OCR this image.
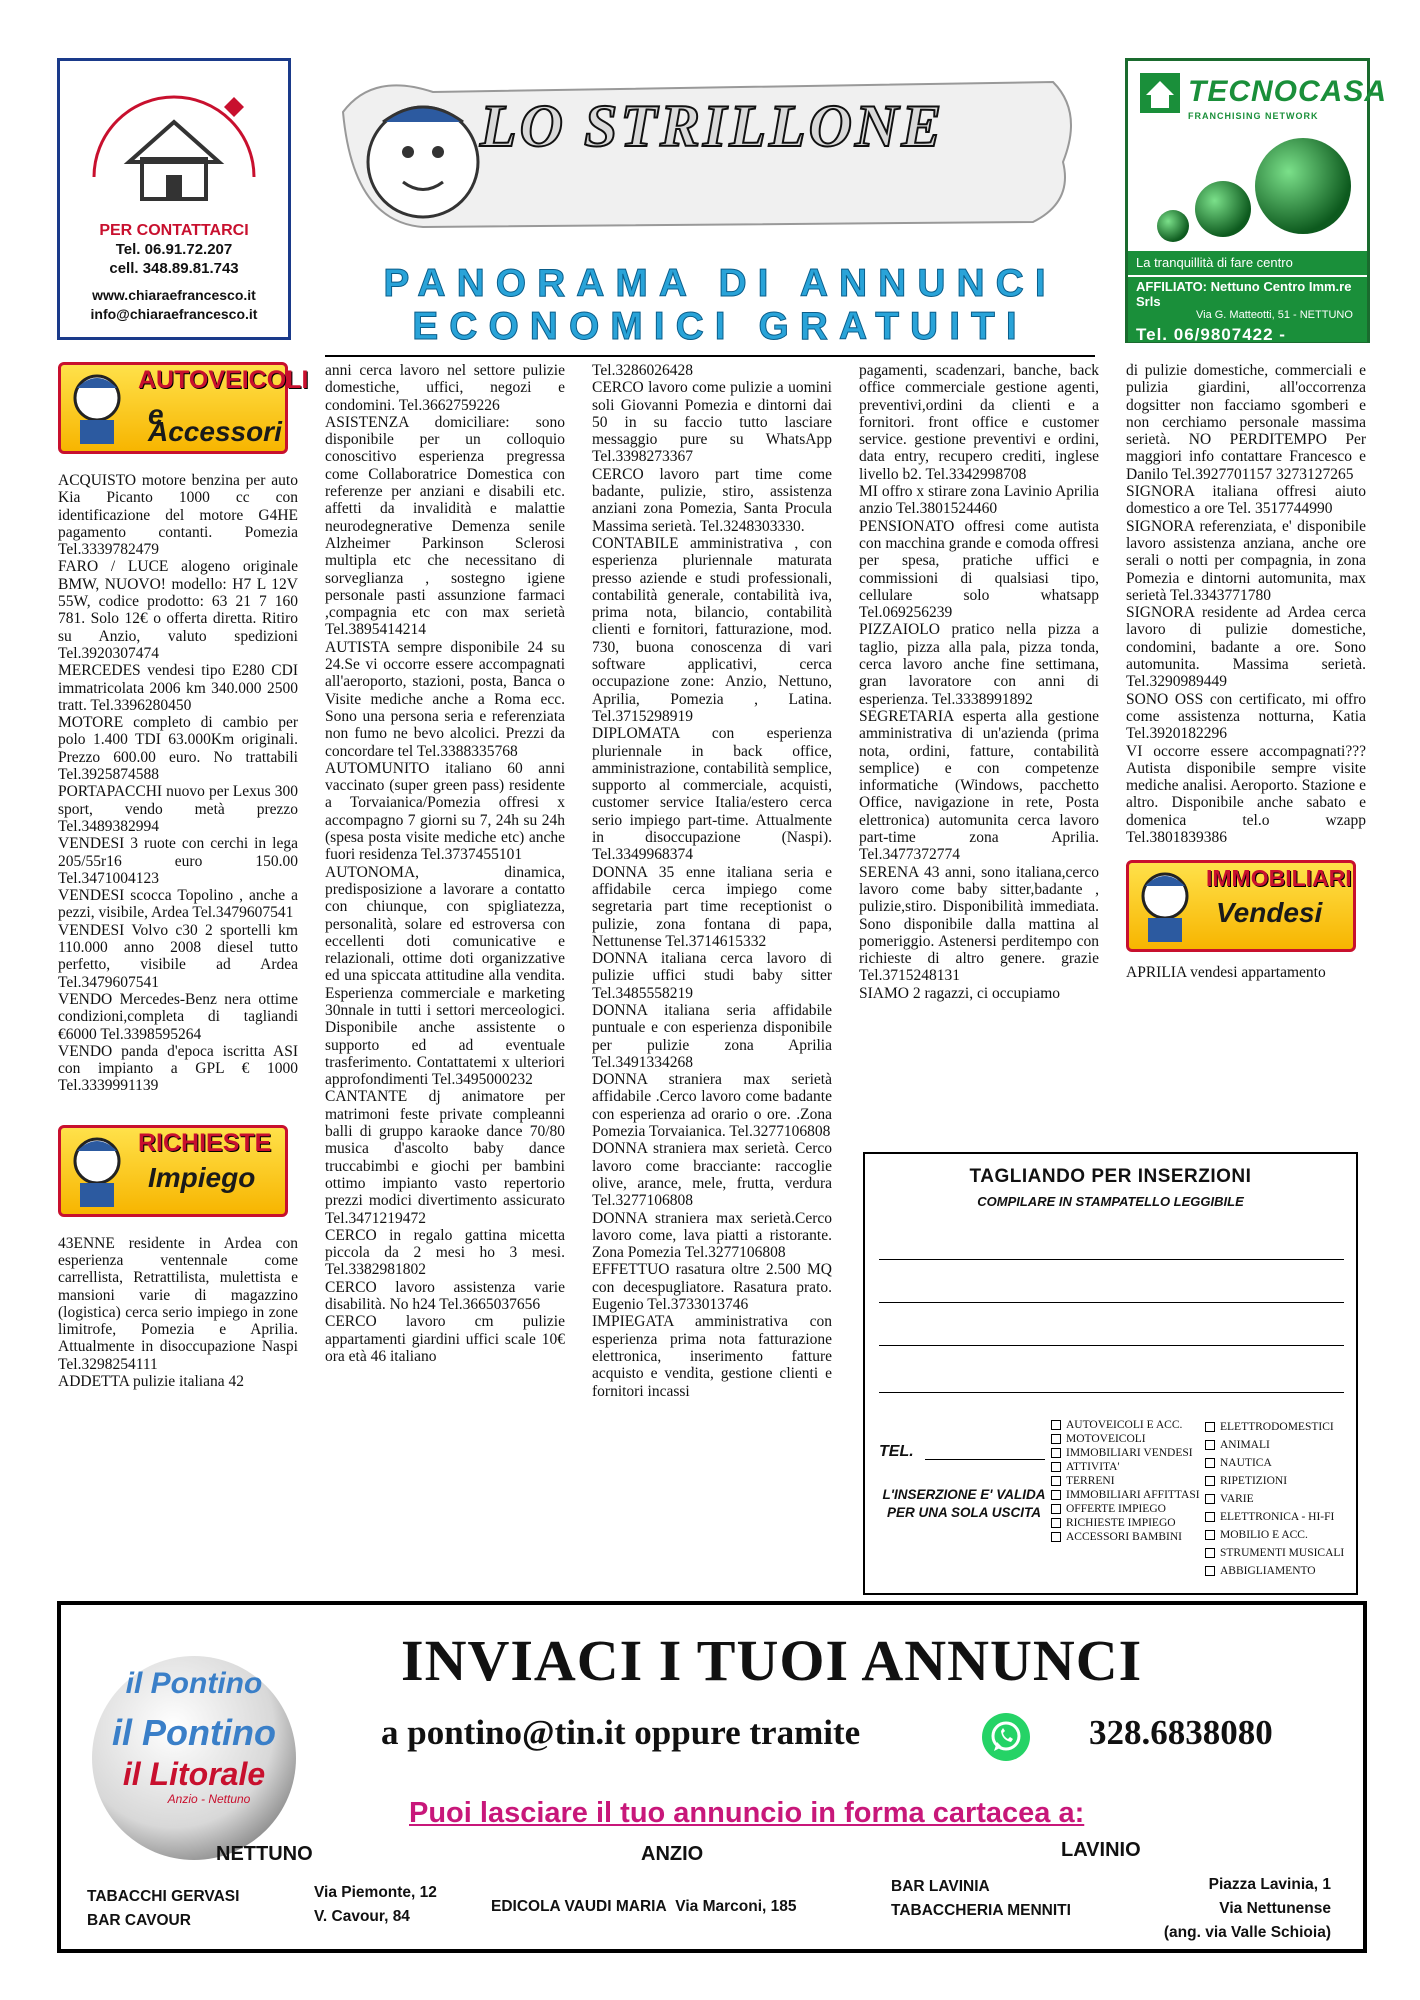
PER CONTATTARCI
Tel. 06.91.72.207
cell. 348.89.81.743
www.chiaraefrancesco.it
info@chiaraefrancesco.it
LO STRILLONE
PANORAMA DI ANNUNCI
ECONOMICI GRATUITI
TECNOCASA
FRANCHISING NETWORK
La tranquillità di fare centro
AFFILIATO: Nettuno Centro Imm.re Srls
Via G. Matteotti, 51 - NETTUNO
Tel. 06/9807422 - 06/9808026
AUTOVEICOLI
e Accessori

ACQUISTO motore benzina per auto Kia Picanto 1000 cc con identificazione del motore G4HE pagamento contanti. Pomezia Tel.3339782479

FARO / LUCE alogeno originale BMW, NUOVO! modello: H7 L 12V 55W, codice prodotto: 63 21 7 160 781. Solo 12€ o offerta diretta. Ritiro su Anzio, valuto spedizioni Tel.3920307474

MERCEDES vendesi tipo E280 CDI immatricolata 2006 km 340.000 2500 tratt. Tel.3396280450

MOTORE completo di cambio per polo 1.400 TDI 63.000Km originali. Prezzo 600.00 euro. No trattabili Tel.3925874588

PORTAPACCHI nuovo per Lexus 300 sport, vendo metà prezzo Tel.3489382994

VENDESI 3 ruote con cerchi in lega 205/55r16 euro 150.00 Tel.3471004123

VENDESI scocca Topolino , anche a pezzi, visibile, Ardea Tel.3479607541

VENDESI Volvo c30 2 sportelli km 110.000 anno 2008 diesel tutto perfetto, visibile ad Ardea Tel.3479607541

VENDO Mercedes-Benz nera ottime condizioni,completa di tagliandi €6000 Tel.3398595264

VENDO panda d'epoca iscritta ASI con impianto a GPL € 1000 Tel.3339991139

RICHIESTE
Impiego

43ENNE residente in Ardea con esperienza ventennale come carrellista, Retrattilista, mulettista e mansioni varie di magazzino (logistica) cerca serio impiego in zone limitrofe, Pomezia e Aprilia. Attualmente in disoccupazione Naspi Tel.3298254111

ADDETTA pulizie italiana 42

anni cerca lavoro nel settore pulizie domestiche, uffici, negozi e condomini. Tel.3662759226

ASISTENZA domiciliare: sono disponibile per un colloquio conoscitivo esperienza pregressa come Collaboratrice Domestica con referenze per anziani e disabili etc. affetti da invalidità e malattie neurodegnerative Demenza senile Alzheimer Parkinson Sclerosi multipla etc che necessitano di sorveglianza , sostegno igiene personale pasti assunzione farmaci ,compagnia etc con max serietà Tel.3895414214

AUTISTA sempre disponibile 24 su 24.Se vi occorre essere accompagnati all'aeroporto, stazioni, posta, Banca o Visite mediche anche a Roma ecc. Sono una persona seria e referenziata non fumo ne bevo alcolici. Prezzi da concordare tel Tel.3388335768

AUTOMUNITO italiano 60 anni vaccinato (super green pass) residente a Torvaianica/Pomezia offresi x accompagno 7 giorni su 7, 24h su 24h (spesa posta visite mediche etc) anche fuori residenza Tel.3737455101

AUTONOMA, dinamica, predisposizione a lavorare a contatto con chiunque, con spigliatezza, personalità, solare ed estroversa con eccellenti doti comunicative e relazionali, ottime doti organizzative ed una spiccata attitudine alla vendita. Esperienza commerciale e marketing 30nnale in tutti i settori merceologici. Disponibile anche assistente o supporto ed ad eventuale trasferimento. Contattatemi x ulteriori approfondimenti Tel.3495000232

CANTANTE dj animatore per matrimoni feste private compleanni balli di gruppo karaoke dance 70/80 musica d'ascolto baby dance truccabimbi e giochi per bambini ottimo impianto vasto repertorio prezzi modici divertimento assicurato Tel.3471219472

CERCO in regalo gattina micetta piccola da 2 mesi ho 3 mesi. Tel.3382981802

CERCO lavoro assistenza varie disabilità. No h24 Tel.3665037656

CERCO lavoro cm pulizie appartamenti giardini uffici scale 10€ ora età 46 italiano

Tel.3286026428

CERCO lavoro come pulizie a uomini soli Giovanni Pomezia e dintorni dai 50 in su faccio tutto lasciare messaggio pure su WhatsApp Tel.3398273367

CERCO lavoro part time come badante, pulizie, stiro, assistenza anziani zona Pomezia, Santa Procula Massima serietà. Tel.3248303330.

CONTABILE amministrativa , con esperienza pluriennale maturata presso aziende e studi professionali, contabilità generale, contabilità iva, prima nota, bilancio, contabilità clienti e fornitori, fatturazione, mod. 730, buona conoscenza di vari software applicativi, cerca occupazione zone: Anzio, Nettuno, Aprilia, Pomezia , Latina. Tel.3715298919

DIPLOMATA con esperienza pluriennale in back office, amministrazione, contabilità semplice, supporto al commerciale, acquisti, customer service Italia/estero cerca serio impiego part-time. Attualmente in disoccupazione (Naspi). Tel.3349968374

DONNA 35 enne italiana seria e affidabile cerca impiego come segretaria part time receptionist o pulizie, zona fontana di papa, Nettunense Tel.3714615332

DONNA italiana cerca lavoro di pulizie uffici studi baby sitter Tel.3485558219

DONNA italiana seria affidabile puntuale e con esperienza disponibile per pulizie zona Aprilia Tel.3491334268

DONNA straniera max serietà affidabile .Cerco lavoro come badante con esperienza ad orario o ore. .Zona Pomezia Torvaianica. Tel.3277106808

DONNA straniera max serietà. Cerco lavoro come bracciante: raccoglie olive, arance, mele, frutta, verdura Tel.3277106808

DONNA straniera max serietà.Cerco lavoro come, lava piatti a ristorante. Zona Pomezia Tel.3277106808

EFFETTUO rasatura oltre 2.500 MQ con decespugliatore. Rasatura prato. Eugenio Tel.3733013746

IMPIEGATA amministrativa con esperienza prima nota fatturazione elettronica, inserimento fatture acquisto e vendita, gestione clienti e fornitori incassi

pagamenti, scadenzari, banche, back office commerciale gestione agenti, preventivi,ordini da clienti e a fornitori. front office e customer service. gestione preventivi e ordini, data entry, recupero crediti, inglese livello b2. Tel.3342998708

MI offro x stirare zona Lavinio Aprilia anzio Tel.3801524460

PENSIONATO offresi come autista con macchina grande e comoda offresi per spesa, pratiche uffici e commissioni di qualsiasi tipo, cellulare solo whatsapp Tel.069256239

PIZZAIOLO pratico nella pizza a taglio, pizza alla pala, pizza tonda, cerca lavoro anche fine settimana, gran lavoratore con anni di esperienza. Tel.3338991892

SEGRETARIA esperta alla gestione amministrativa di un'azienda (prima nota, ordini, fatture, contabilità semplice) e con competenze informatiche (Windows, pacchetto Office, navigazione in rete, Posta elettronica) automunita cerca lavoro part-time zona Aprilia. Tel.3477372774

SERENA 43 anni, sono italiana,cerco lavoro come baby sitter,badante , pulizie,stiro. Disponibilità immediata. Sono disponibile dalla mattina al pomeriggio. Astenersi perditempo con richieste di altro genere. grazie Tel.3715248131

SIAMO 2 ragazzi, ci occupiamo

di pulizie domestiche, commerciali e pulizia giardini, all'occorrenza dogsitter non facciamo sgomberi e non cerchiamo personale massima serietà. NO PERDITEMPO Per maggiori info contattare Francesco e Danilo Tel.3927701157 3273127265

SIGNORA italiana offresi aiuto domestico a ore Tel. 3517744990

SIGNORA referenziata, e' disponibile lavoro assistenza anziana, anche ore serali o notti per compagnia, in zona Pomezia e dintorni automunita, max serietà Tel.3343771780

SIGNORA residente ad Ardea cerca lavoro di pulizie domestiche, condomini, badante a ore. Sono automunita. Massima serietà. Tel.3290989449

SONO OSS con certificato, mi offro come assistenza notturna, Katia Tel.3920182296

VI occorre essere accompagnati??? Autista disponibile sempre visite mediche analisi. Aeroporto. Stazione e altro. Disponibile anche sabato e domenica tel.o wzapp Tel.3801839386

IMMOBILIARI
Vendesi

APRILIA vendesi appartamento

TAGLIANDO PER INSERZIONI
COMPILARE IN STAMPATELLO LEGGIBILE
TEL.
L'INSERZIONE E' VALIDA PER UNA SOLA USCITA
AUTOVEICOLI E ACC.
MOTOVEICOLI
IMMOBILIARI VENDESI
ATTIVITA'
TERRENI
IMMOBILIARI AFFITTASI
OFFERTE IMPIEGO
RICHIESTE IMPIEGO
ACCESSORI BAMBINI
ELETTRODOMESTICI
ANIMALI
NAUTICA
RIPETIZIONI
VARIE
ELETTRONICA - HI-FI
MOBILIO E ACC.
STRUMENTI MUSICALI
ABBIGLIAMENTO
il Pontino
il Pontino
il Litorale
Anzio - Nettuno
INVIACI I TUOI ANNUNCI
a pontino@tin.it oppure tramite	328.6838080
Puoi lasciare il tuo annuncio in forma cartacea a:
NETTUNO	ANZIO	LAVINIO
TABACCHI GERVASI
BAR CAVOUR
Via Piemonte, 12
V. Cavour, 84
EDICOLA VAUDI MARIA Via Marconi, 185
BAR LAVINIA
TABACCHERIA MENNITI
Piazza Lavinia, 1
Via Nettunense
(ang. via Valle Schioia)
